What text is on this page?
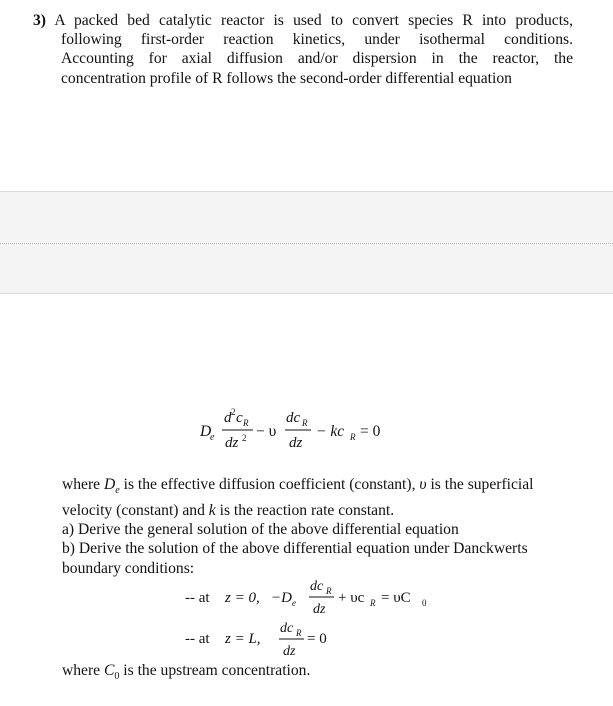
3) A packed bed catalytic reactor is used to convert species R into products,
following first-order reaction kinetics, under isothermal conditions.
Accounting for axial diffusion and/or dispersion in the reactor, the
concentration profile of R follows the second-order differential equation
D
e
d 2 c R
dz 2 − υ
dc R
dz
− kc R = 0
where $D_e$ is the effective diffusion coefficient (constant), υ is the superficial
velocity (constant) and k is the reaction rate constant.
a) Derive the general solution of the above differential equation
b) Derive the solution of the above differential equation under Danckwerts
boundary conditions:
-- at z = 0, −D e
dc R
dz
+ υc R = υC 0
-- at z = L,
dc R
dz
= 0
where $C_0$ is the upstream concentration.
